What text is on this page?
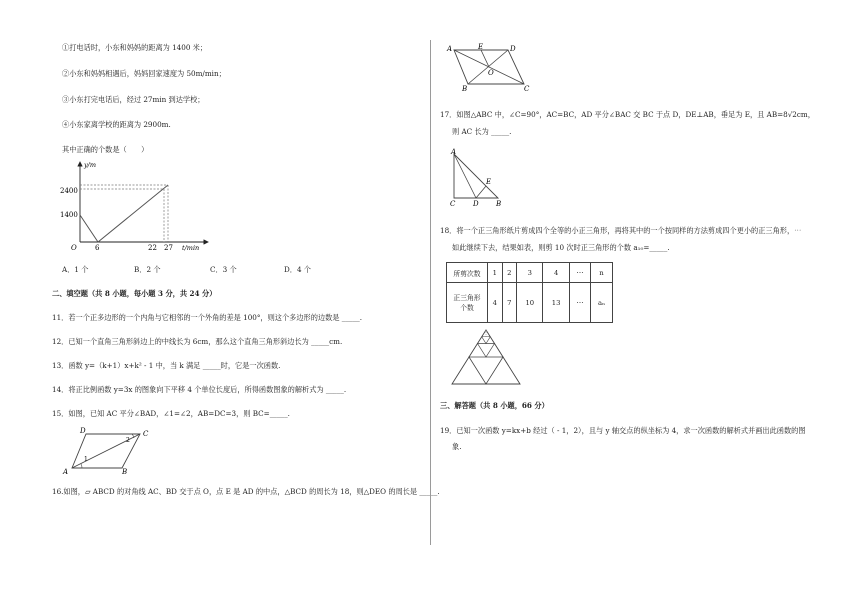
①打电话时，小东和妈妈的距离为 1400 米；
②小东和妈妈相遇后，妈妈回家速度为 50m/min；
③小东打完电话后，经过 27min 到达学校；
④小东家离学校的距离为 2900m.
其中正确的个数是（　　）
y/m
2400
1400
O	6	22 27 t/min
A．1 个	B．2 个	C．3 个	D．4 个
二、填空题（共 8 小题，每小题 3 分，共 24 分）
11．若一个正多边形的一个内角与它相邻的一个外角的差是 100°，则这个多边形的边数是 _____.
12．已知一个直角三角形斜边上的中线长为 6cm，那么这个直角三角形斜边长为 _____cm.
13．函数 y=（k+1）x+k² - 1 中，当 k 满足 _____时，它是一次函数.
14．将正比例函数 y=3x 的图象向下平移 4 个单位长度后，所得函数图象的解析式为 _____.
15．如图，已知 AC 平分∠BAD，∠1=∠2，AB=DC=3，则 BC=_____.
D	C
A	B
1
2
16.如图，▱ ABCD 的对角线 AC、BD 交于点 O，点 E 是 AD 的中点，△BCD 的周长为 18，则△DEO 的周长是 _____.
A	E	D
O
B	C
17．如图△ABC 中，∠C=90°，AC=BC，AD 平分∠BAC 交 BC 于点 D，DE⊥AB，垂足为 E，且 AB=8√2cm，
则 AC 长为 _____.
A
E
C	D B
18．将一个正三角形纸片剪成四个全等的小正三角形，再将其中的一个按同样的方法剪成四个更小的正三角形，⋯
如此继续下去，结果如表，则剪 10 次时正三角形的个数 a₁₀=_____.
所剪次数	1	2	3	4	⋯	n
正三角形个数	4	7	10	13	⋯	aₙ
三、解答题（共 8 小题，66 分）
19．已知一次函数 y=kx+b 经过（ - 1，2），且与 y 轴交点的纵坐标为 4，求一次函数的解析式并画出此函数的图
象.
